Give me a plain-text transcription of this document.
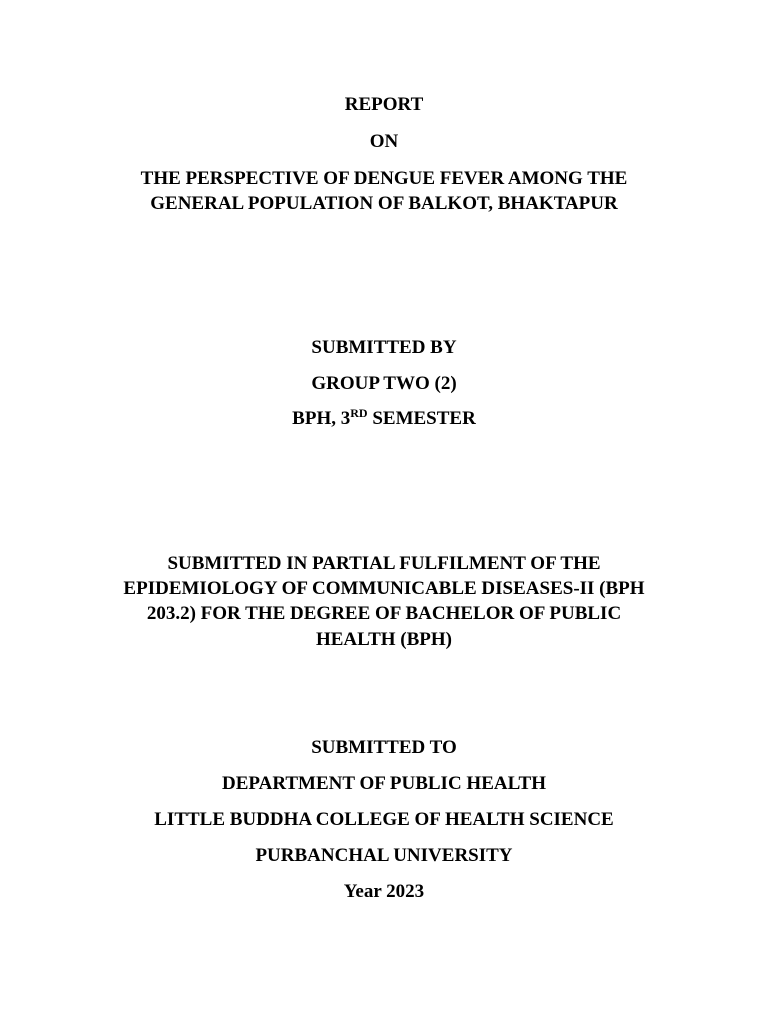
REPORT
ON
THE PERSPECTIVE OF DENGUE FEVER AMONG THE
GENERAL POPULATION OF BALKOT, BHAKTAPUR
SUBMITTED BY
GROUP TWO (2)
BPH, 3RD SEMESTER
SUBMITTED IN PARTIAL FULFILMENT OF THE
EPIDEMIOLOGY OF COMMUNICABLE DISEASES-II (BPH
203.2) FOR THE DEGREE OF BACHELOR OF PUBLIC
HEALTH (BPH)
SUBMITTED TO
DEPARTMENT OF PUBLIC HEALTH
LITTLE BUDDHA COLLEGE OF HEALTH SCIENCE
PURBANCHAL UNIVERSITY
Year 2023
